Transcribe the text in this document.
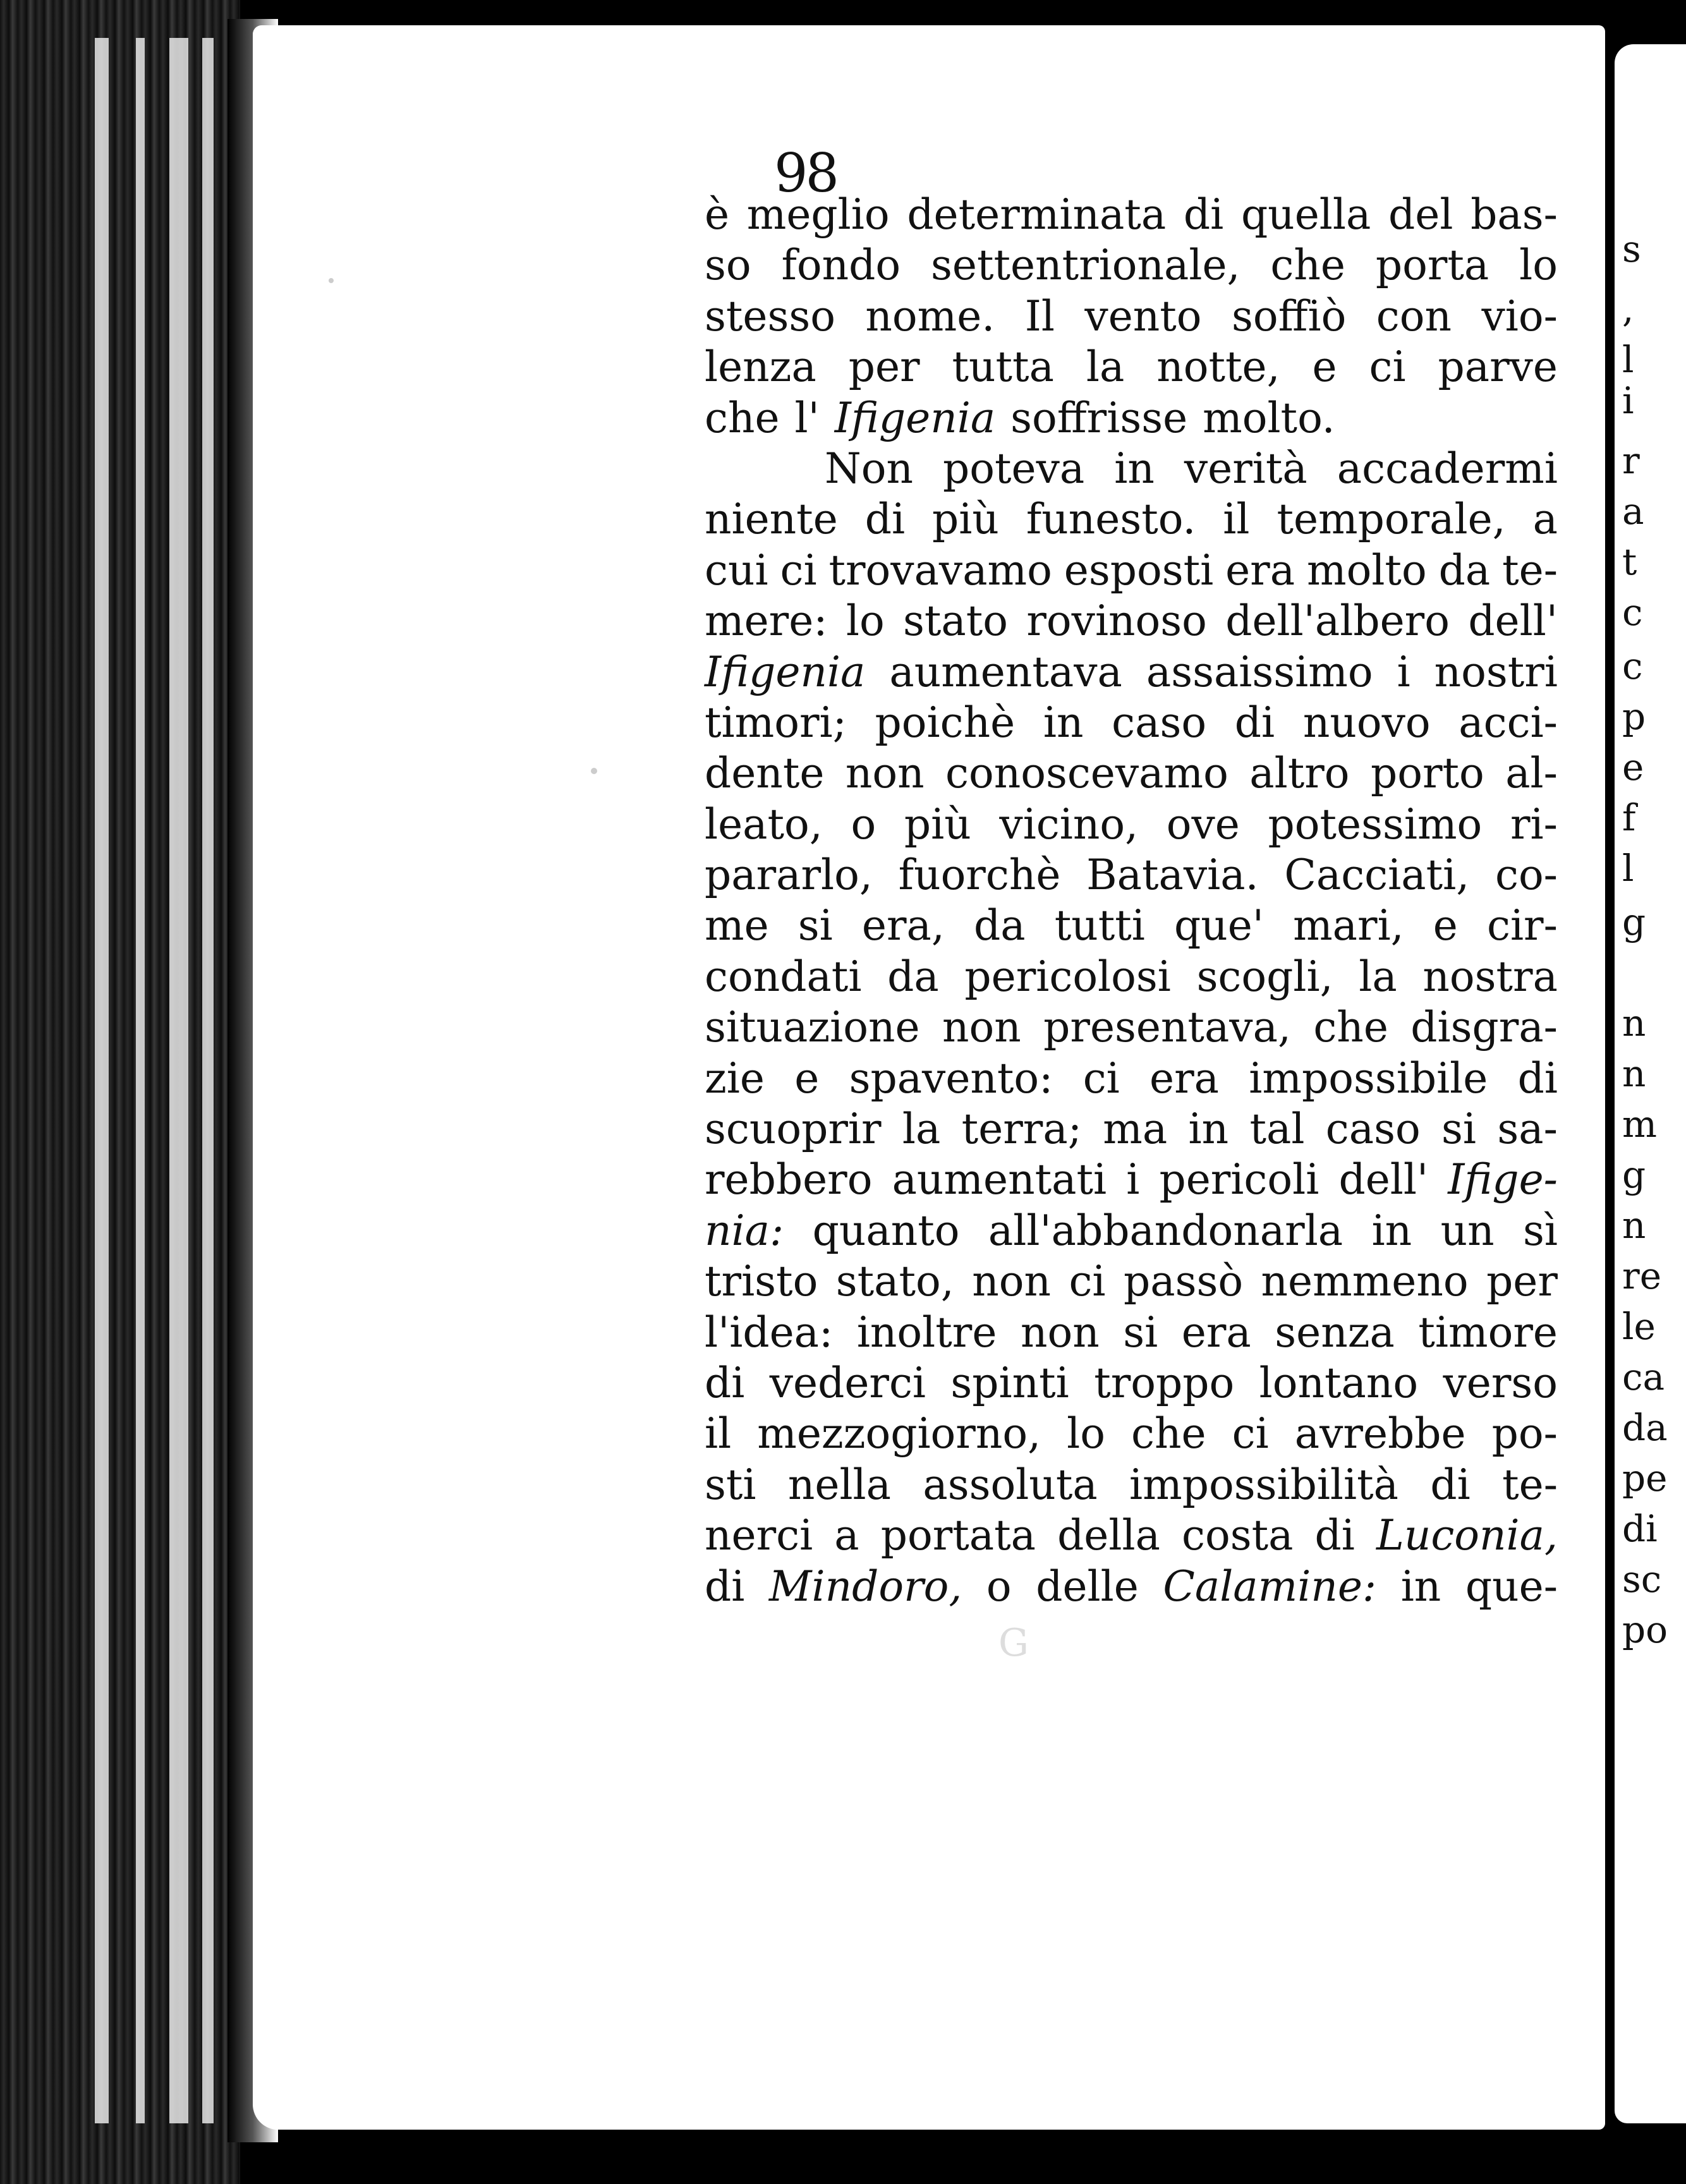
98
è meglio determinata di quella del bas-
so fondo settentrionale, che porta lo
stesso nome. Il vento soffiò con vio-
lenza per tutta la notte, e ci parve
che l' Ifigenia soffrisse molto.
Non poteva in verità accadermi
niente di più funesto. il temporale, a
cui ci trovavamo esposti era molto da te-
mere: lo stato rovinoso dell'albero dell'
Ifigenia aumentava assaissimo i nostri
timori; poichè in caso di nuovo acci-
dente non conoscevamo altro porto al-
leato, o più vicino, ove potessimo ri-
pararlo, fuorchè Batavia. Cacciati, co-
me si era, da tutti que' mari, e cir-
condati da pericolosi scogli, la nostra
situazione non presentava, che disgra-
zie e spavento: ci era impossibile di
scuoprir la terra; ma in tal caso si sa-
rebbero aumentati i pericoli dell' Ifige-
nia: quanto all'abbandonarla in un sì
tristo stato, non ci passò nemmeno per
l'idea: inoltre non si era senza timore
di vederci spinti troppo lontano verso
il mezzogiorno, lo che ci avrebbe po-
sti nella assoluta impossibilità di te-
nerci a portata della costa di Luconia,
di Mindoro, o delle Calamine: in que-
G
s
,
l
i
r
a
t
c
c
p
e
f
l
g
n
n
m
g
n
re
le
ca
da
pe
di
sc
po
